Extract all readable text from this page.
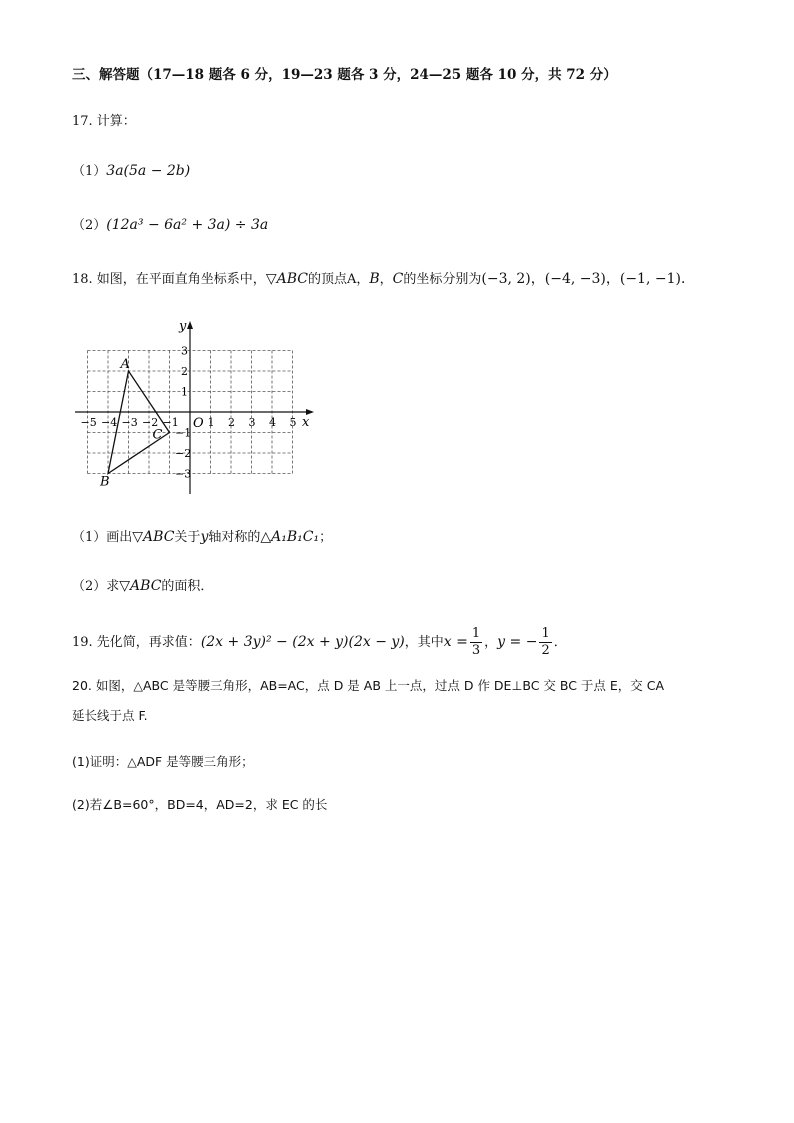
三、解答题（17—18 题各 6 分，19—23 题各 3 分，24—25 题各 10 分，共 72 分）
17. 计算：
（1）3a(5a − 2b)
（2）(12a³ − 6a² + 3a) ÷ 3a
18. 如图，在平面直角坐标系中，▽ABC的顶点A，B，C的坐标分别为(−3, 2)，(−4, −3)，(−1, −1)．
x
y
O
−5 −4 −3 −2 −1	1 2 3 4 5
3
2
1
−1
−2
−3
A
B
C
（1）画出▽ABC关于y轴对称的△A₁B₁C₁；
（2）求▽ABC的面积．
19. 先化简，再求值：(2x + 3y)² − (2x + y)(2x − y)，其中$x = \frac{1}{3}$ ，y = − $\frac{1}{2}$ ．
20. 如图，△ABC 是等腰三角形，AB=AC，点 D 是 AB 上一点，过点 D 作 DE⊥BC 交 BC 于点 E，交 CA
延长线于点 F.
(1)证明：△ADF 是等腰三角形；
(2)若∠B=60°，BD=4，AD=2，求 EC 的长
